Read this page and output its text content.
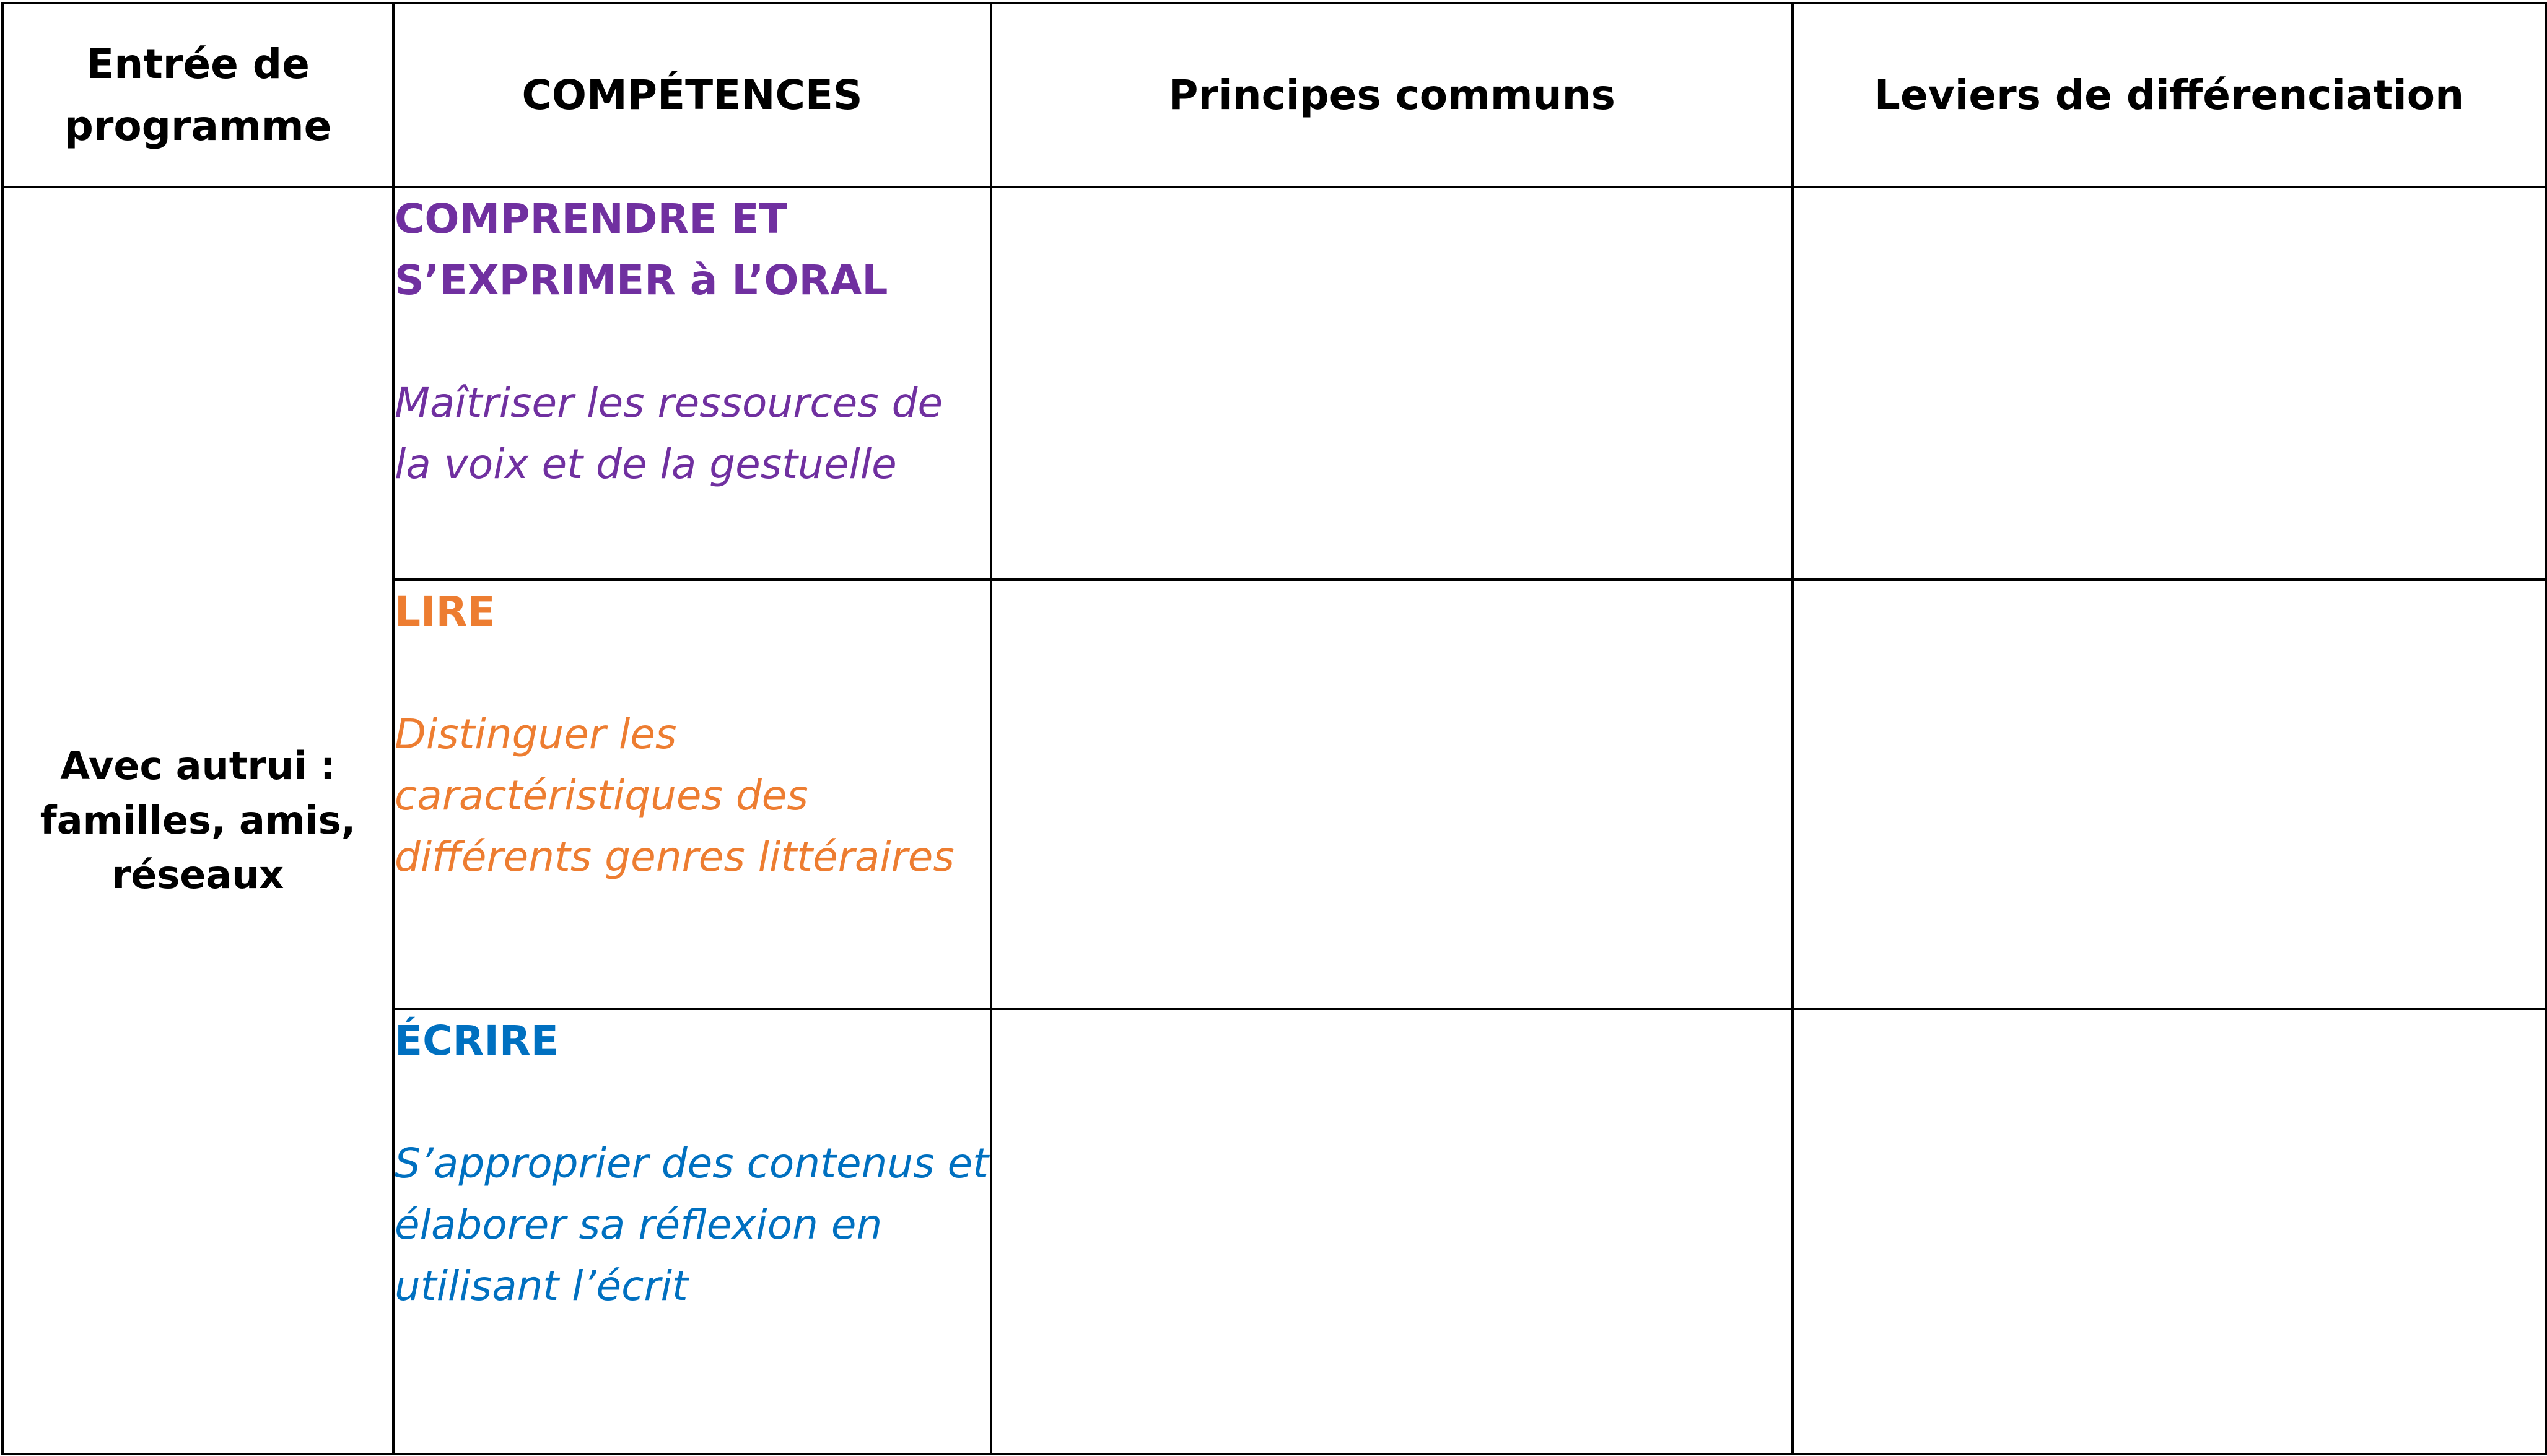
Entrée de programme	COMPÉTENCES	Principes communs	Leviers de différenciation
Avec autrui : familles, amis, réseaux	COMPRENDRE ET S’EXPRIMER à L’ORAL
Maîtriser les ressources de la voix et de la gestuelle		

	LIRE
Distinguer les caractéristiques des différents genres littéraires		

	ÉCRIRE
S’approprier des contenus et élaborer sa réflexion en utilisant l’écrit		
